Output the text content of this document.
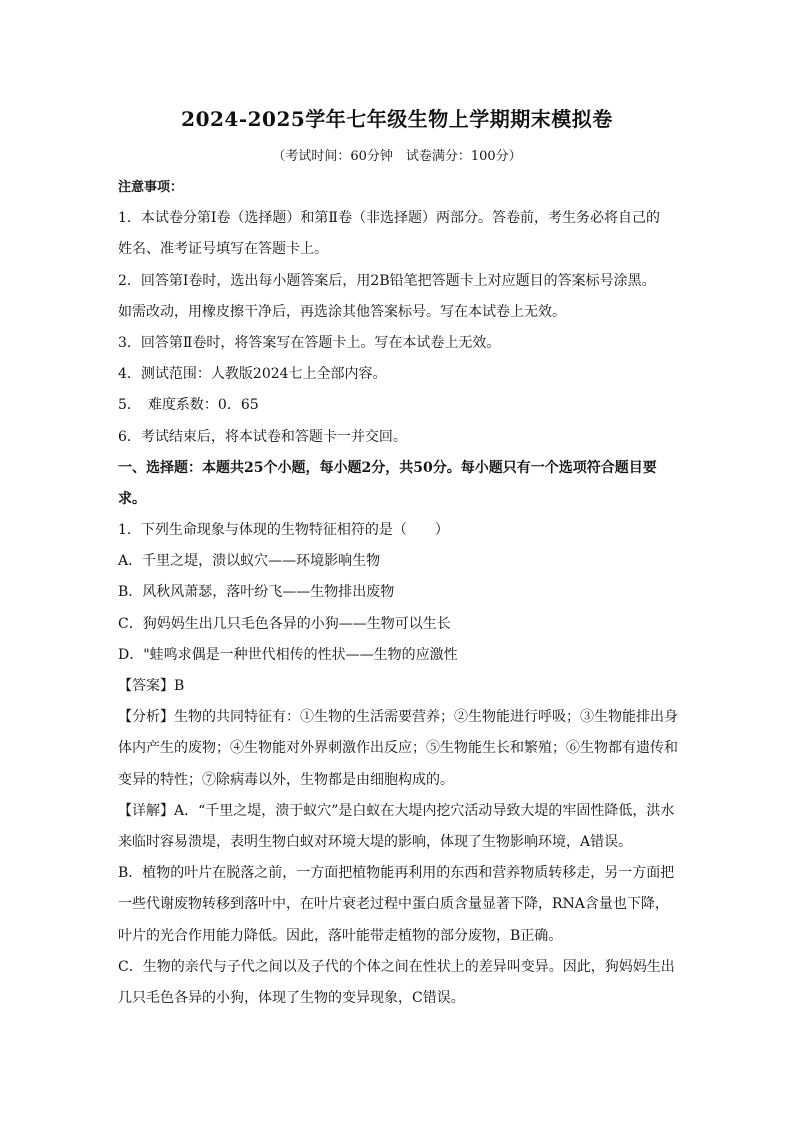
2024-2025学年七年级生物上学期期末模拟卷
（考试时间：60分钟　试卷满分：100分）
注意事项：
1．本试卷分第Ⅰ卷（选择题）和第Ⅱ卷（非选择题）两部分。答卷前，考生务必将自己的
姓名、准考证号填写在答题卡上。
2．回答第Ⅰ卷时，选出每小题答案后，用2B铅笔把答题卡上对应题目的答案标号涂黑。
如需改动，用橡皮擦干净后，再选涂其他答案标号。写在本试卷上无效。
3．回答第Ⅱ卷时，将答案写在答题卡上。写在本试卷上无效。
4．测试范围：人教版2024七上全部内容。
5．　难度系数：0．65
6．考试结束后，将本试卷和答题卡一并交回。
一、选择题：本题共25个小题，每小题2分，共50分。每小题只有一个选项符合题目要
求。
1．下列生命现象与体现的生物特征相符的是（　　）
A．千里之堤，溃以蚁穴——环境影响生物
B．风秋风萧瑟，落叶纷飞——生物排出废物
C．狗妈妈生出几只毛色各异的小狗——生物可以生长
D．"蛙鸣求偶是一种世代相传的性状——生物的应激性
【答案】B
【分析】生物的共同特征有：①生物的生活需要营养；②生物能进行呼吸；③生物能排出身
体内产生的废物；④生物能对外界刺激作出反应；⑤生物能生长和繁殖；⑥生物都有遗传和
变异的特性；⑦除病毒以外，生物都是由细胞构成的。
【详解】A．“千里之堤，溃于蚁穴”是白蚁在大堤内挖穴活动导致大堤的牢固性降低，洪水
来临时容易溃堤，表明生物白蚁对环境大堤的影响，体现了生物影响环境，A错误。
B．植物的叶片在脱落之前，一方面把植物能再利用的东西和营养物质转移走，另一方面把
一些代谢废物转移到落叶中，在叶片衰老过程中蛋白质含量显著下降，RNA含量也下降，
叶片的光合作用能力降低。因此，落叶能带走植物的部分废物，B正确。
C．生物的亲代与子代之间以及子代的个体之间在性状上的差异叫变异。因此，狗妈妈生出
几只毛色各异的小狗，体现了生物的变异现象，C错误。
